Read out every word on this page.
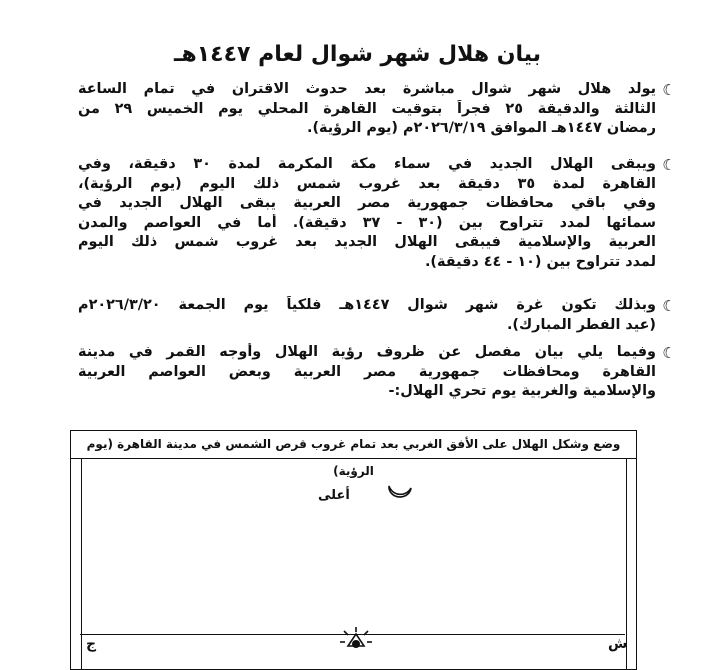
بيان هلال شهر شوال لعام ١٤٤٧هـ
☾
يولد هلال شهر شوال مباشرة بعد حدوث الاقتران في تمام الساعة
الثالثة والدقيقة ٢٥ فجراً بتوقيت القاهرة المحلي يوم الخميس ٢٩ من
رمضان ١٤٤٧هـ الموافق ٢٠٢٦/٣/١٩م (يوم الرؤية).
☾
ويبقى الهلال الجديد في سماء مكة المكرمة لمدة ٣٠ دقيقة، وفي
القاهرة لمدة ٣٥ دقيقة بعد غروب شمس ذلك اليوم (يوم الرؤية)،
وفي باقي محافظات جمهورية مصر العربية يبقى الهلال الجديد في
سمائها لمدد تتراوح بين (٣٠ - ٣٧ دقيقة). أما في العواصم والمدن
العربية والإسلامية فيبقى الهلال الجديد بعد غروب شمس ذلك اليوم
لمدد تتراوح بين (١٠ - ٤٤ دقيقة).
☾
وبذلك تكون غرة شهر شوال ١٤٤٧هـ فلكياً يوم الجمعة ٢٠٢٦/٣/٢٠م
(عيد الفطر المبارك).
☾
وفيما يلي بيان مفصل عن ظروف رؤية الهلال وأوجه القمر في مدينة
القاهرة ومحافظات جمهورية مصر العربية وبعض العواصم العربية
والإسلامية والغربية يوم تحري الهلال:-
وضع وشكل الهلال على الأفق الغربي بعد تمام غروب قرص الشمس في مدينة القاهرة (يوم الرؤية)
أعلى
ش
ج
